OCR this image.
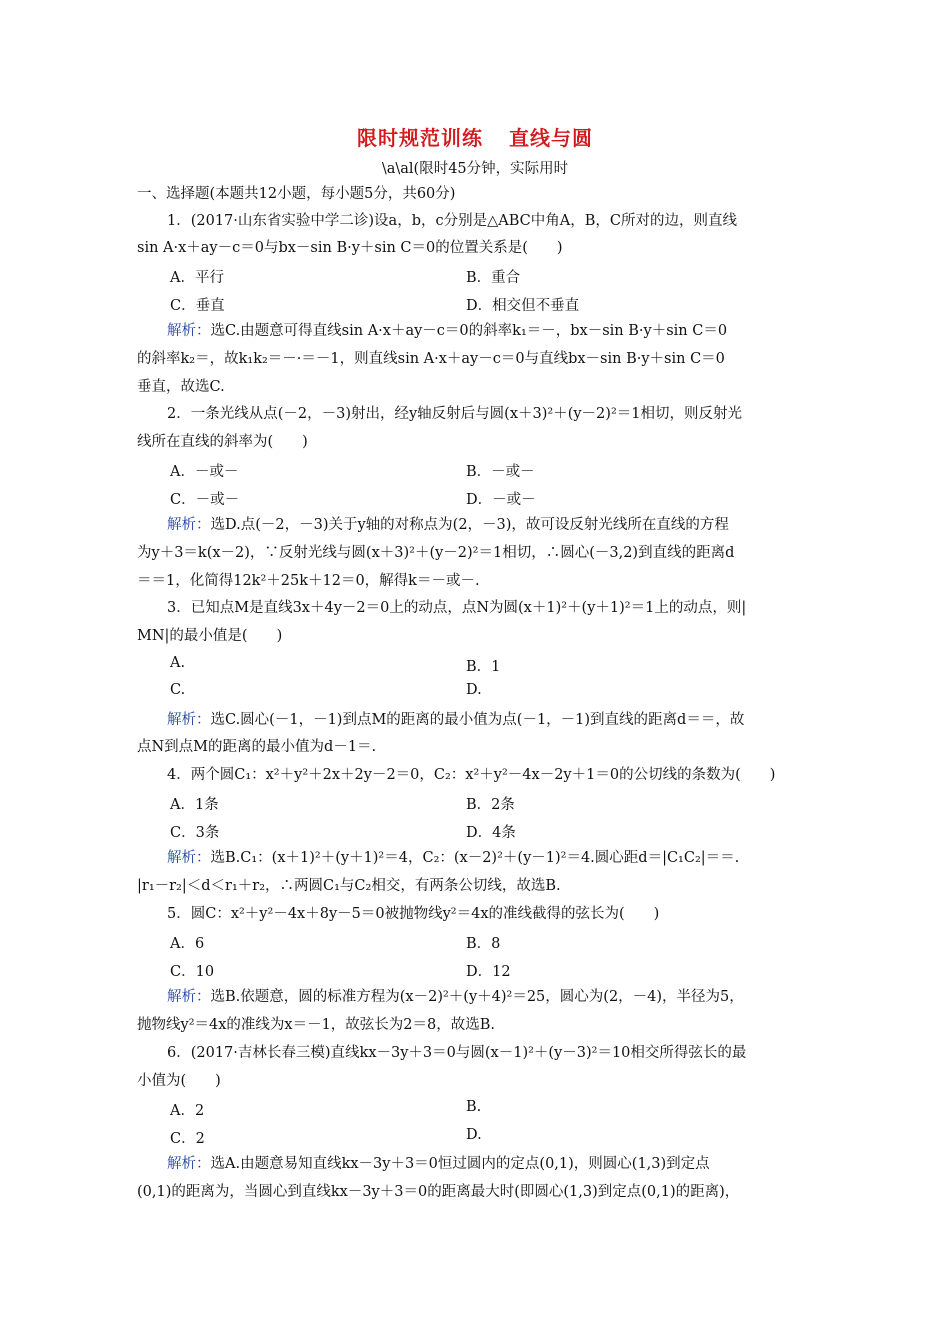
限时规范训练 直线与圆
\a\al(限时45分钟，实际用时
一、选择题(本题共12小题，每小题5分，共60分)
1．(2017·山东省实验中学二诊)设a，b，c分别是△ABC中角A，B，C所对的边，则直线
sin A·x＋ay－c＝0与bx－sin B·y＋sin C＝0的位置关系是(　　)
A．平行	B．重合
C．垂直	D．相交但不垂直
解析：选C.由题意可得直线sin A·x＋ay－c＝0的斜率k₁＝－，bx－sin B·y＋sin C＝0
的斜率k₂＝，故k₁k₂＝－·＝－1，则直线sin A·x＋ay－c＝0与直线bx－sin B·y＋sin C＝0
垂直，故选C.
2．一条光线从点(－2，－3)射出，经y轴反射后与圆(x＋3)²＋(y－2)²＝1相切，则反射光
线所在直线的斜率为(　　)
A．－或－	B．－或－
C．－或－	D．－或－
解析：选D.点(－2，－3)关于y轴的对称点为(2，－3)，故可设反射光线所在直线的方程
为y＋3＝k(x－2)，∵反射光线与圆(x＋3)²＋(y－2)²＝1相切，∴圆心(－3,2)到直线的距离d
＝＝1，化简得12k²＋25k＋12＝0，解得k＝－或－.
3．已知点M是直线3x＋4y－2＝0上的动点，点N为圆(x＋1)²＋(y＋1)²＝1上的动点，则|
MN|的最小值是(　　)
A.	B．1
C.	D.
解析：选C.圆心(－1，－1)到点M的距离的最小值为点(－1，－1)到直线的距离d＝＝，故
点N到点M的距离的最小值为d－1＝.
4．两个圆C₁：x²＋y²＋2x＋2y－2＝0，C₂：x²＋y²－4x－2y＋1＝0的公切线的条数为(　　)
A．1条	B．2条
C．3条	D．4条
解析：选B.C₁：(x＋1)²＋(y＋1)²＝4，C₂：(x－2)²＋(y－1)²＝4.圆心距d＝|C₁C₂|＝＝.
|r₁－r₂|＜d＜r₁＋r₂，∴两圆C₁与C₂相交，有两条公切线，故选B.
5．圆C：x²＋y²－4x＋8y－5＝0被抛物线y²＝4x的准线截得的弦长为(　　)
A．6	B．8
C．10	D．12
解析：选B.依题意，圆的标准方程为(x－2)²＋(y＋4)²＝25，圆心为(2，－4)，半径为5，
抛物线y²＝4x的准线为x＝－1，故弦长为2＝8，故选B.
6．(2017·吉林长春三模)直线kx－3y＋3＝0与圆(x－1)²＋(y－3)²＝10相交所得弦长的最
小值为(　　)
A．2	B.
C．2	D.
解析：选A.由题意易知直线kx－3y＋3＝0恒过圆内的定点(0,1)，则圆心(1,3)到定点
(0,1)的距离为，当圆心到直线kx－3y＋3＝0的距离最大时(即圆心(1,3)到定点(0,1)的距离)，
